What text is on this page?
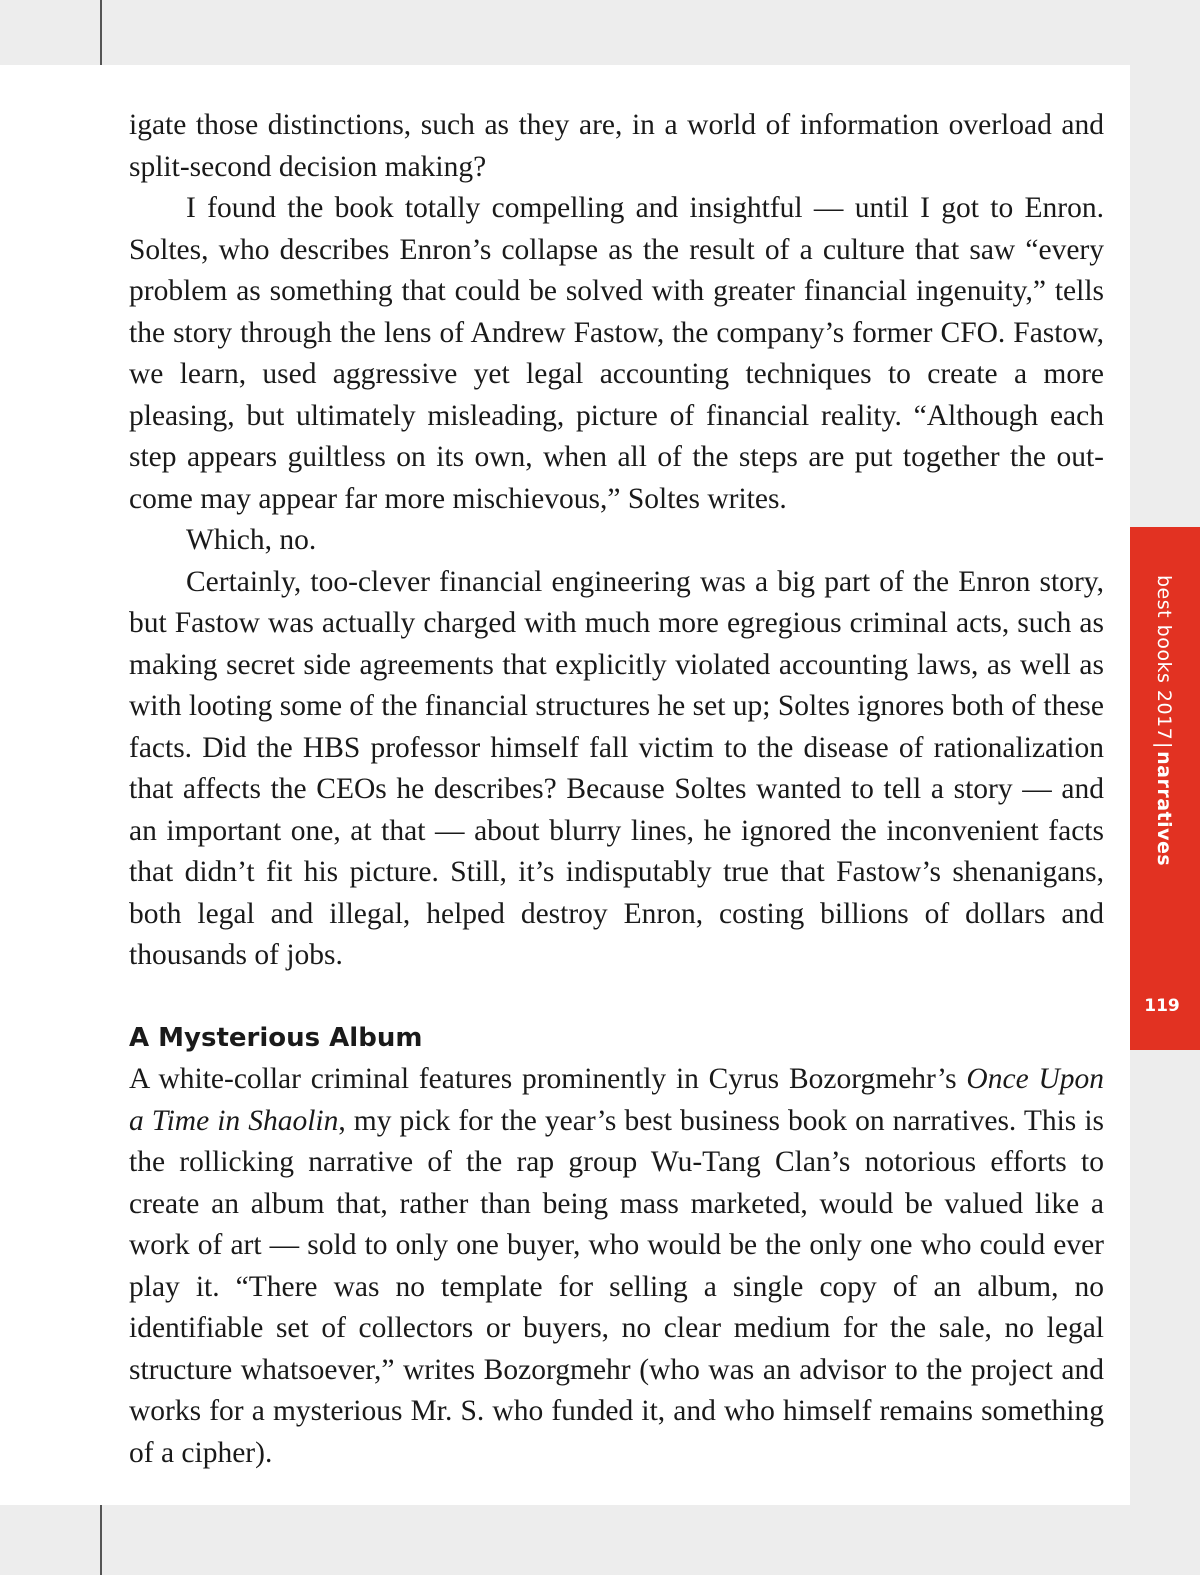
igate those distinctions, such as they are, in a world of information overload and split-second decision making?

I found the book totally compelling and insightful — until I got to Enron. Soltes, who describes Enron’s collapse as the result of a culture that saw “every problem as something that could be solved with greater financial ingenuity,” tells the story through the lens of Andrew Fastow, the company’s former CFO. Fastow, we learn, used aggressive yet legal accounting techniques to create a more pleasing, but ultimately misleading, picture of financial reality. “Although each step appears guiltless on its own, when all of the steps are put together the outcome may appear far more mischievous,” Soltes writes.

Which, no.

Certainly, too-clever financial engineering was a big part of the Enron story, but Fastow was actually charged with much more egregious criminal acts, such as making secret side agreements that explicitly violated accounting laws, as well as with looting some of the financial structures he set up; Soltes ignores both of these facts. Did the HBS professor himself fall victim to the disease of rationalization that affects the CEOs he describes? Because Soltes wanted to tell a story — and an important one, at that — about blurry lines, he ignored the inconvenient facts that didn’t fit his picture. Still, it’s indisputably true that Fastow’s shenanigans, both legal and illegal, helped destroy Enron, costing billions of dollars and thousands of jobs.

A Mysterious Album

A white-collar criminal features prominently in Cyrus Bozorgmehr’s Once Upon a Time in Shaolin, my pick for the year’s best business book on narratives. This is the rollicking narrative of the rap group Wu-Tang Clan’s notorious efforts to create an album that, rather than being mass marketed, would be valued like a work of art — sold to only one buyer, who would be the only one who could ever play it. “There was no template for selling a single copy of an album, no identifiable set of collectors or buyers, no clear medium for the sale, no legal structure whatsoever,” writes Bozorgmehr (who was an advisor to the project and works for a mysterious Mr. S. who funded it, and who himself remains something of a cipher).

best books 2017|narratives
119
